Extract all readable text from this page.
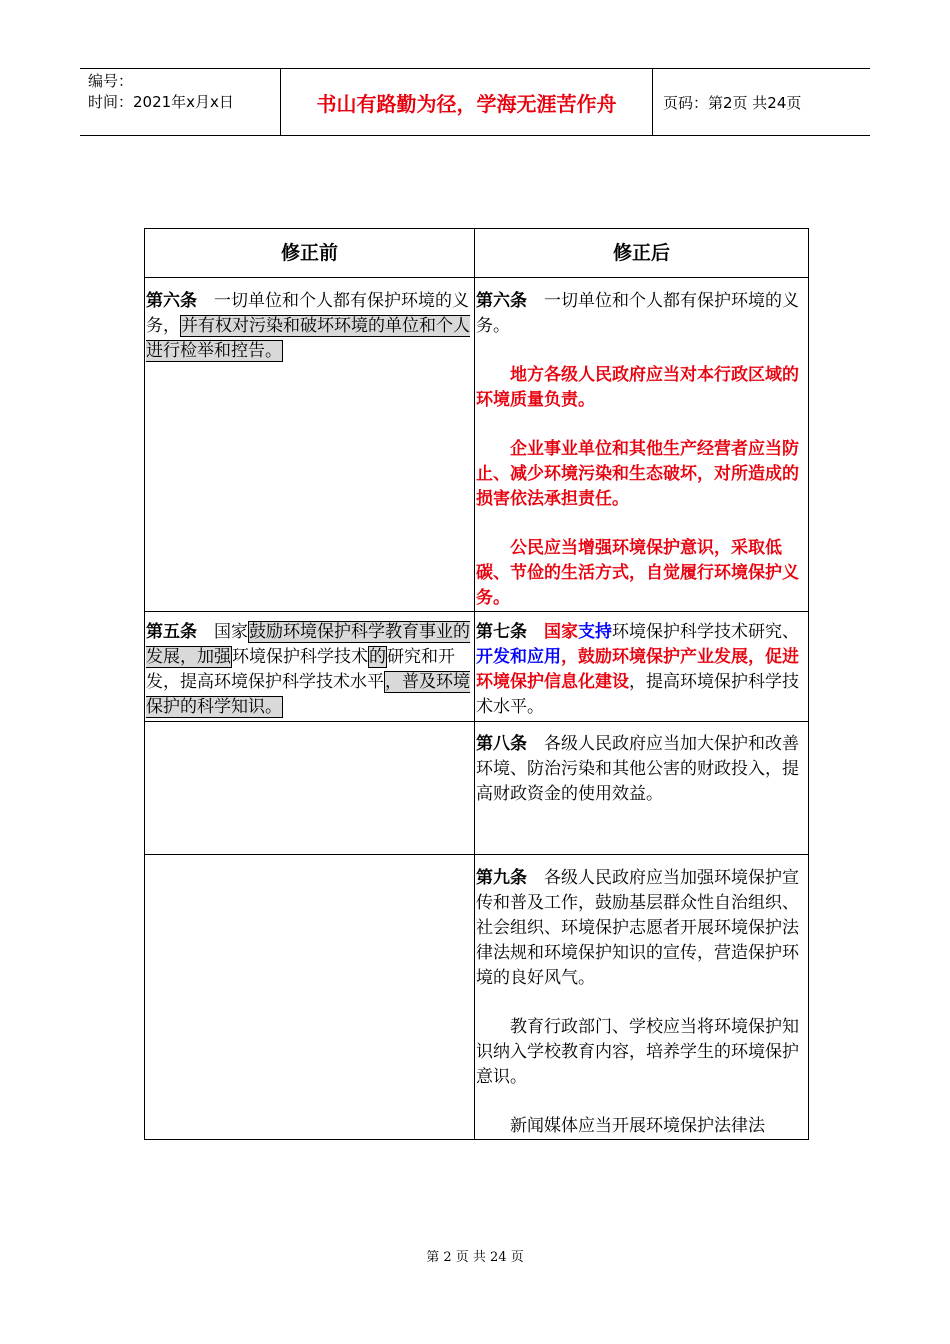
编号：
时间：2021年x月x日	书山有路勤为径，学海无涯苦作舟	页码：第2页 共24页
修正前	修正后

第六条　一切单位和个人都有保护环境的义务，并有权对污染和破坏环境的单位和个人进行检举和控告。	第六条　一切单位和个人都有保护环境的义务。

地方各级人民政府应当对本行政区域的环境质量负责。

企业事业单位和其他生产经营者应当防止、减少环境污染和生态破坏，对所造成的损害依法承担责任。

公民应当增强环境保护意识，采取低碳、节俭的生活方式，自觉履行环境保护义务。

第五条　国家鼓励环境保护科学教育事业的发展，加强环境保护科学技术的研究和开发，提高环境保护科学技术水平，普及环境保护的科学知识。	第七条　国家支持环境保护科学技术研究、开发和应用，鼓励环境保护产业发展，促进环境保护信息化建设，提高环境保护科学技术水平。

	第八条　各级人民政府应当加大保护和改善环境、防治污染和其他公害的财政投入，提高财政资金的使用效益。

	第九条　各级人民政府应当加强环境保护宣传和普及工作，鼓励基层群众性自治组织、社会组织、环境保护志愿者开展环境保护法律法规和环境保护知识的宣传，营造保护环境的良好风气。

教育行政部门、学校应当将环境保护知识纳入学校教育内容，培养学生的环境保护意识。

新闻媒体应当开展环境保护法律法

第 2 页 共 24 页
